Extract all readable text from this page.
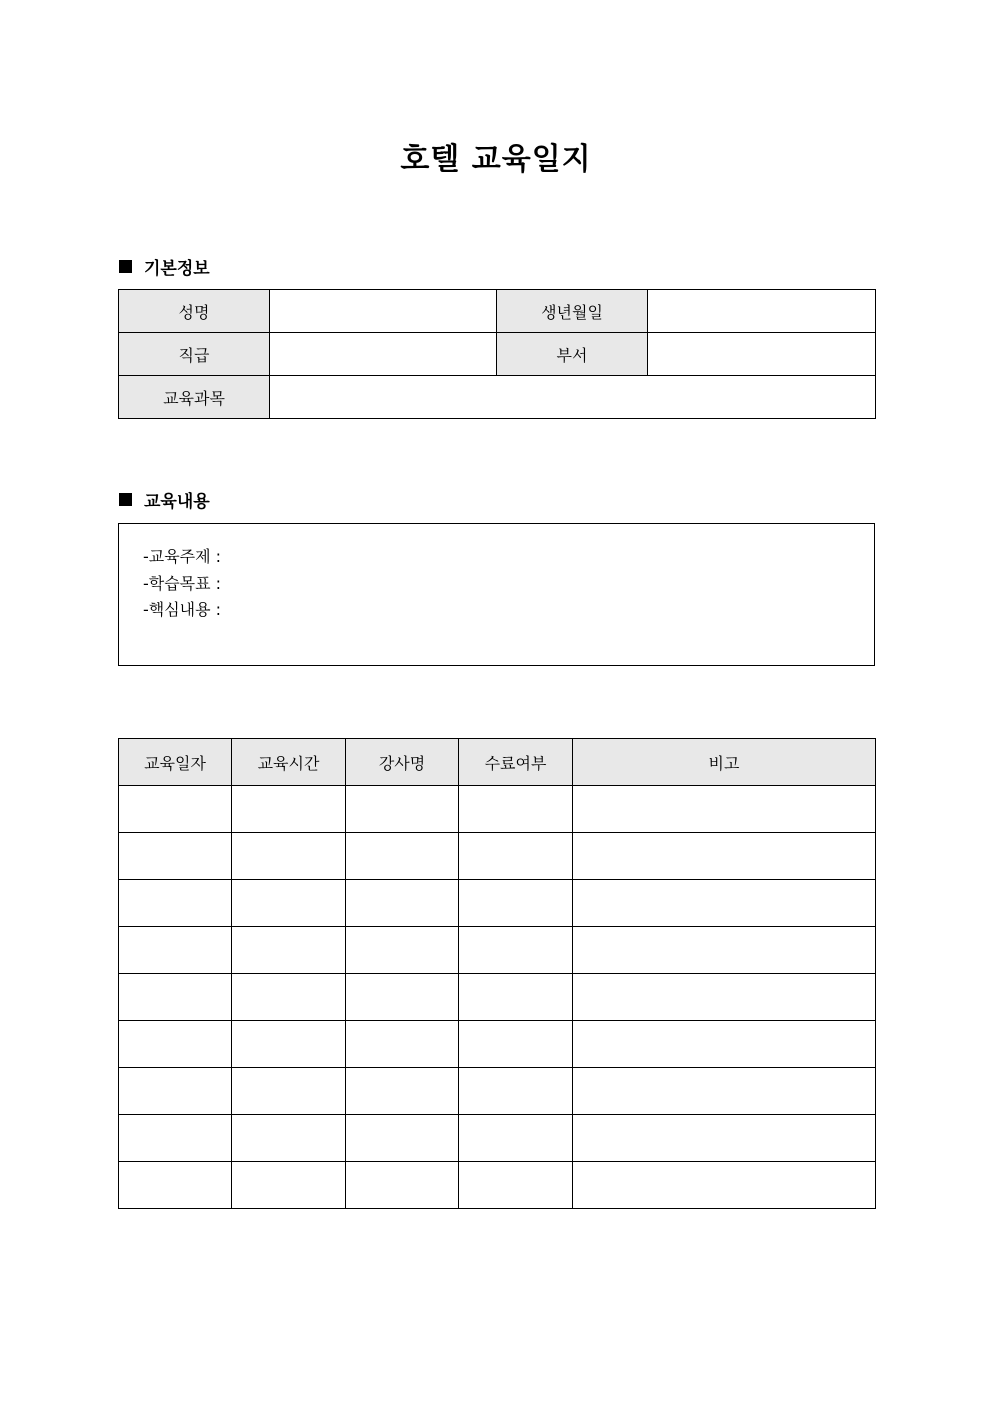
호텔 교육일지
기본정보
성명		생년월일	
직급		부서	
교육과목			
교육내용
-교육주제 :
-학습목표 :
-핵심내용 :
교육일자	교육시간	강사명	수료여부	비고
